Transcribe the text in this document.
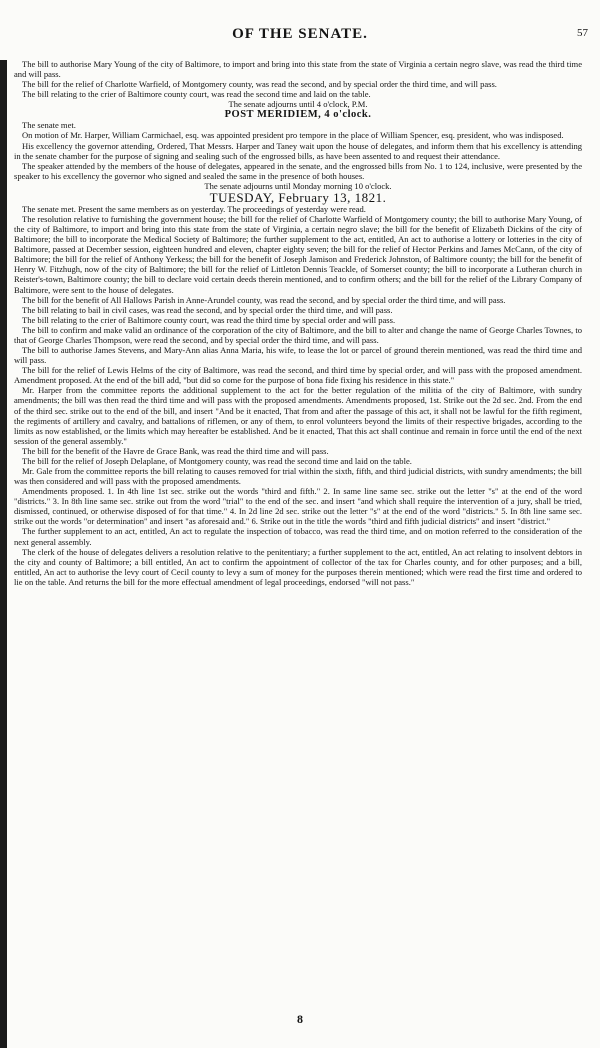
OF THE SENATE.	57

The bill to authorise Mary Young of the city of Baltimore, to import and bring into this state from the state of Virginia a certain negro slave, was read the third time and will pass.

The bill for the relief of Charlotte Warfield, of Montgomery county, was read the second, and by special order the third time, and will pass.

The bill relating to the crier of Baltimore county court, was read the second time and laid on the table.

The senate adjourns until 4 o'clock, P.M.
POST MERIDIEM, 4 o'clock.

The senate met.

On motion of Mr. Harper, William Carmichael, esq. was appointed president pro tempore in the place of William Spencer, esq. president, who was indisposed.

His excellency the governor attending, Ordered, That Messrs. Harper and Taney wait upon the house of delegates, and inform them that his excellency is attending in the senate chamber for the purpose of signing and sealing such of the engrossed bills, as have been assented to and request their attendance.

The speaker attended by the members of the house of delegates, appeared in the senate, and the engrossed bills from No. 1 to 124, inclusive, were presented by the speaker to his excellency the governor who signed and sealed the same in the presence of both houses.

The senate adjourns until Monday morning 10 o'clock.
TUESDAY, February 13, 1821.

The senate met. Present the same members as on yesterday. The proceedings of yesterday were read.

The resolution relative to furnishing the government house; the bill for the relief of Charlotte Warfield of Montgomery county; the bill to authorise Mary Young, of the city of Baltimore, to import and bring into this state from the state of Virginia, a certain negro slave; the bill for the benefit of Elizabeth Dickins of the city of Baltimore; the bill to incorporate the Medical Society of Baltimore; the further supplement to the act, entitled, An act to authorise a lottery or lotteries in the city of Baltimore, passed at December session, eighteen hundred and eleven, chapter eighty seven; the bill for the relief of Hector Perkins and James McCann, of the city of Baltimore; the bill for the relief of Anthony Yerkess; the bill for the benefit of Joseph Jamison and Frederick Johnston, of Baltimore county; the bill for the benefit of Henry W. Fitzhugh, now of the city of Baltimore; the bill for the relief of Littleton Dennis Teackle, of Somerset county; the bill to incorporate a Lutheran church in Reister's-town, Baltimore county; the bill to declare void certain deeds therein mentioned, and to confirm others; and the bill for the relief of the Library Company of Baltimore, were sent to the house of delegates.

The bill for the benefit of All Hallows Parish in Anne-Arundel county, was read the second, and by special order the third time, and will pass.

The bill relating to bail in civil cases, was read the second, and by special order the third time, and will pass.

The bill relating to the crier of Baltimore county court, was read the third time by special order and will pass.

The bill to confirm and make valid an ordinance of the corporation of the city of Baltimore, and the bill to alter and change the name of George Charles Townes, to that of George Charles Thompson, were read the second, and by special order the third time, and will pass.

The bill to authorise James Stevens, and Mary-Ann alias Anna Maria, his wife, to lease the lot or parcel of ground therein mentioned, was read the third time and will pass.

The bill for the relief of Lewis Helms of the city of Baltimore, was read the second, and third time by special order, and will pass with the proposed amendment. Amendment proposed. At the end of the bill add, "but did so come for the purpose of bona fide fixing his residence in this state."

Mr. Harper from the committee reports the additional supplement to the act for the better regulation of the militia of the city of Baltimore, with sundry amendments; the bill was then read the third time and will pass with the proposed amendments. Amendments proposed, 1st. Strike out the 2d sec. 2nd. From the end of the third sec. strike out to the end of the bill, and insert "And be it enacted, That from and after the passage of this act, it shall not be lawful for the fifth regiment, the regiments of artillery and cavalry, and battalions of riflemen, or any of them, to enrol volunteers beyond the limits of their respective brigades, according to the limits as now established, or the limits which may hereafter be established. And be it enacted, That this act shall continue and remain in force until the end of the next session of the general assembly."

The bill for the benefit of the Havre de Grace Bank, was read the third time and will pass.

The bill for the relief of Joseph Delaplane, of Montgomery county, was read the second time and laid on the table.

Mr. Gale from the committee reports the bill relating to causes removed for trial within the sixth, fifth, and third judicial districts, with sundry amendments; the bill was then considered and will pass with the proposed amendments.

Amendments proposed. 1. In 4th line 1st sec. strike out the words "third and fifth." 2. In same line same sec. strike out the letter "s" at the end of the word "districts." 3. In 8th line same sec. strike out from the word "trial" to the end of the sec. and insert "and which shall require the intervention of a jury, shall be tried, dismissed, continued, or otherwise disposed of for that time." 4. In 2d line 2d sec. strike out the letter "s" at the end of the word "districts." 5. In 8th line same sec. strike out the words "or determination" and insert "as aforesaid and." 6. Strike out in the title the words "third and fifth judicial districts" and insert "district."

The further supplement to an act, entitled, An act to regulate the inspection of tobacco, was read the third time, and on motion referred to the consideration of the next general assembly.

The clerk of the house of delegates delivers a resolution relative to the penitentiary; a further supplement to the act, entitled, An act relating to insolvent debtors in the city and county of Baltimore; a bill entitled, An act to confirm the appointment of collector of the tax for Charles county, and for other purposes; and a bill, entitled, An act to authorise the levy court of Cecil county to levy a sum of money for the purposes therein mentioned; which were read the first time and ordered to lie on the table. And returns the bill for the more effectual amendment of legal proceedings, endorsed "will not pass."

8
